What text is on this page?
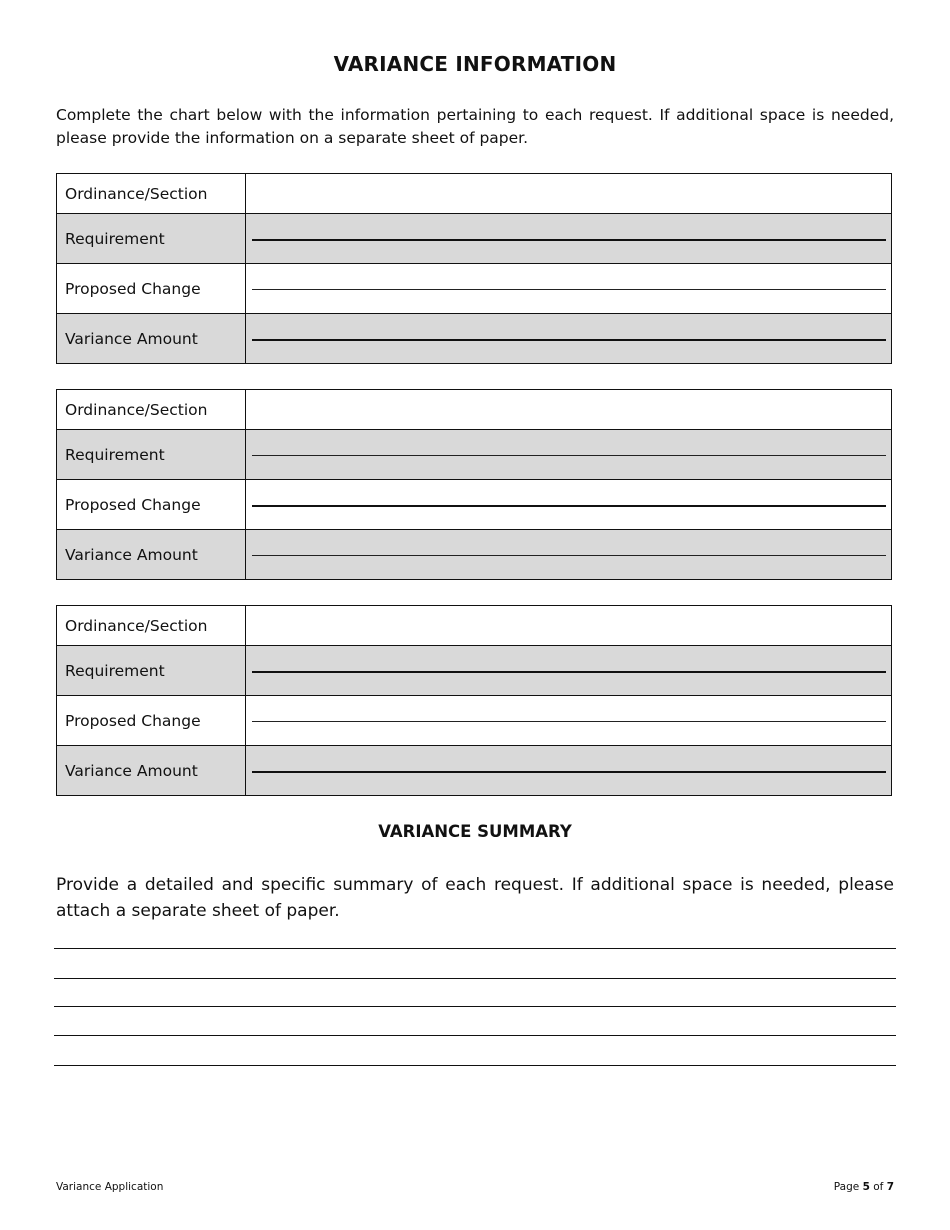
VARIANCE INFORMATION
Complete the chart below with the information pertaining to each request. If additional space is needed, please provide the information on a separate sheet of paper.
Ordinance/Section	
Requirement	

Proposed Change	

Variance Amount	
Ordinance/Section	
Requirement	

Proposed Change	

Variance Amount	
Ordinance/Section	
Requirement	

Proposed Change	

Variance Amount	
VARIANCE SUMMARY
Provide a detailed and specific summary of each request. If additional space is needed, please attach a separate sheet of paper.
Variance Application	Page 5 of 7
